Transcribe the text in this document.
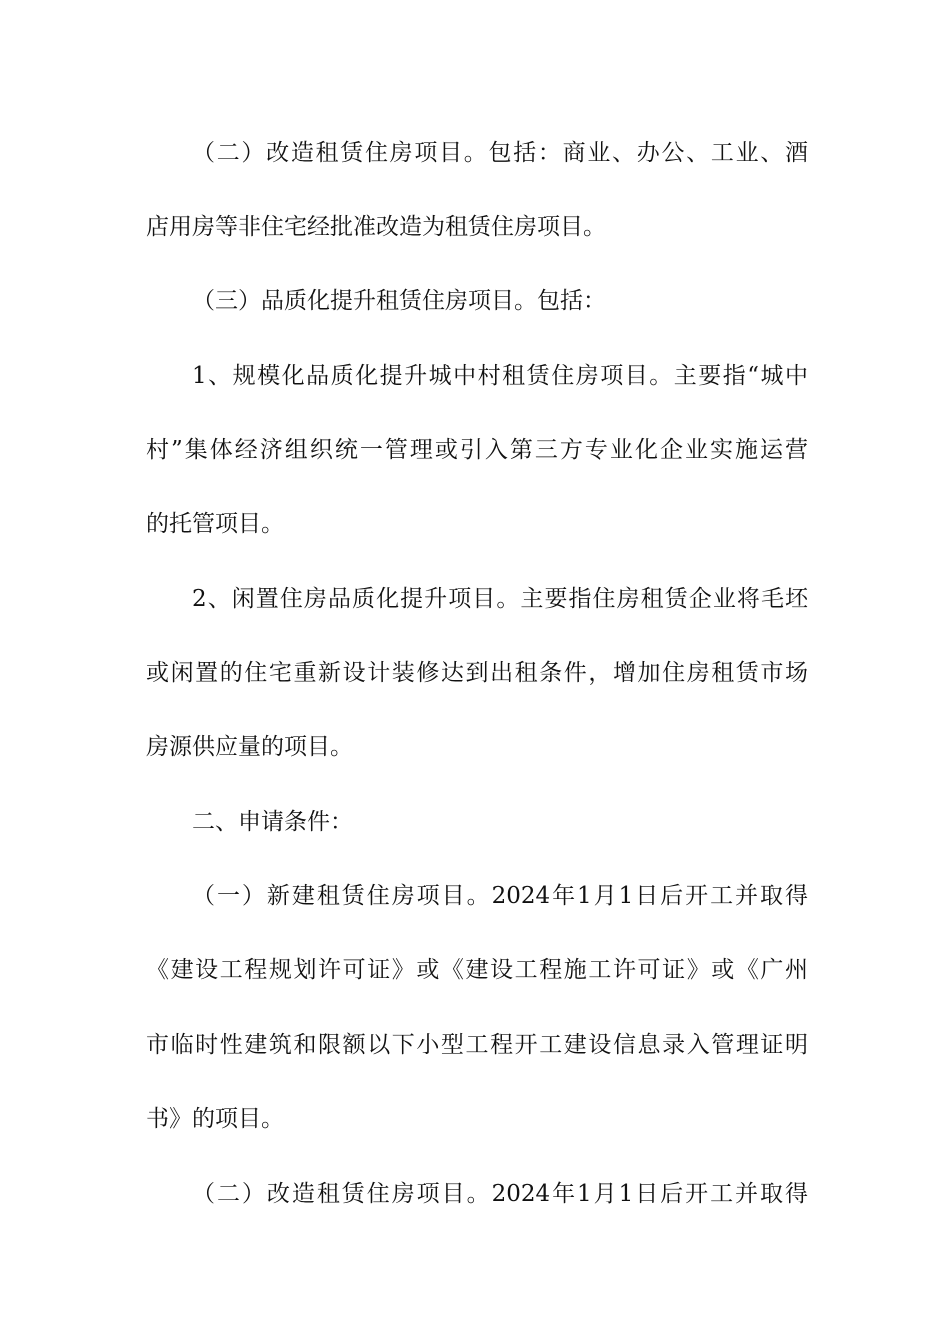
（二）改造租赁住房项目。包括：商业、办公、工业、酒
店用房等非住宅经批准改造为租赁住房项目。
（三）品质化提升租赁住房项目。包括：
1、规模化品质化提升城中村租赁住房项目。主要指“城中
村”集体经济组织统一管理或引入第三方专业化企业实施运营
的托管项目。
2、闲置住房品质化提升项目。主要指住房租赁企业将毛坯
或闲置的住宅重新设计装修达到出租条件，增加住房租赁市场
房源供应量的项目。
二、申请条件：
（一）新建租赁住房项目。2024年1月1日后开工并取得
《建设工程规划许可证》或《建设工程施工许可证》或《广州
市临时性建筑和限额以下小型工程开工建设信息录入管理证明
书》的项目。
（二）改造租赁住房项目。2024年1月1日后开工并取得
